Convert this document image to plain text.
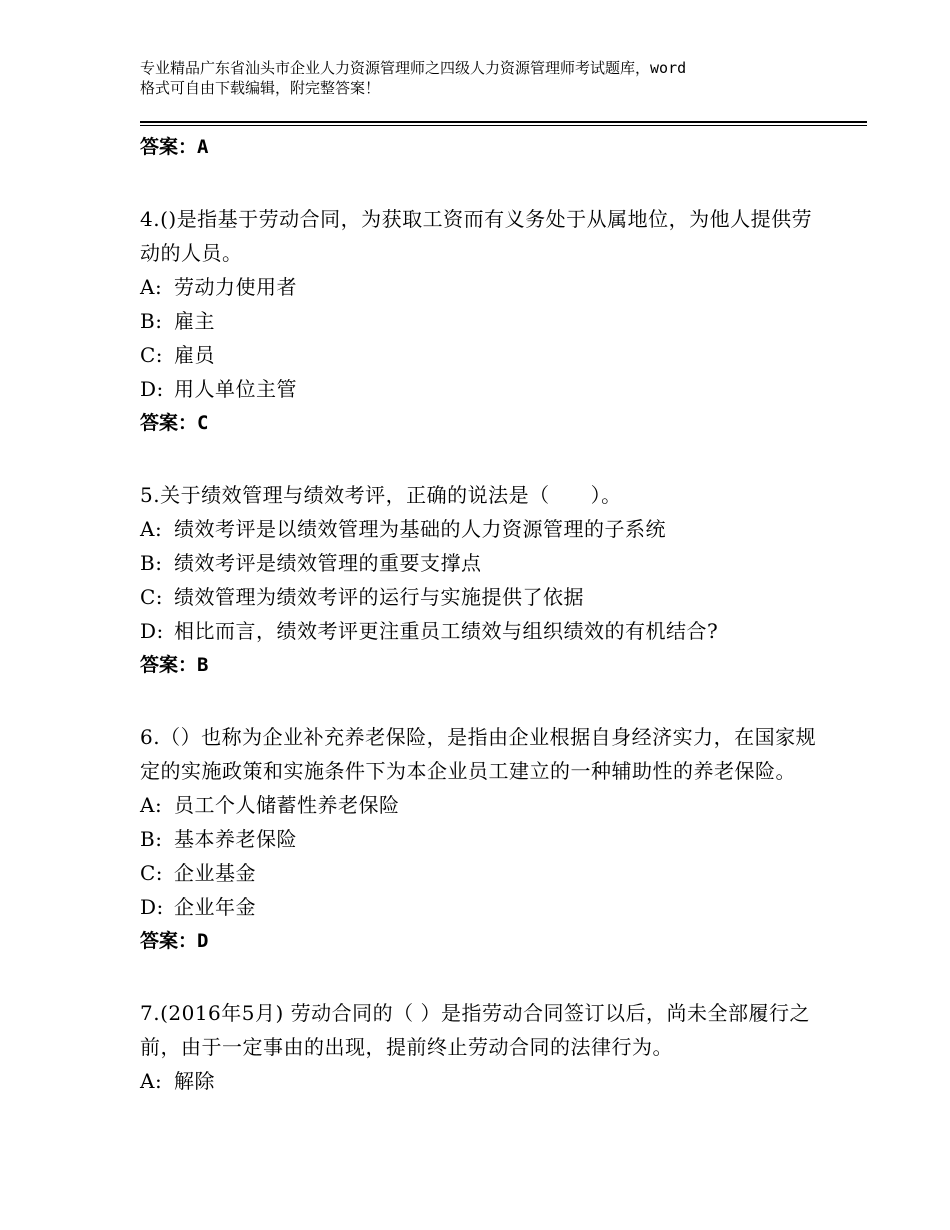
专业精品广东省汕头市企业人力资源管理师之四级人力资源管理师考试题库，word
格式可自由下载编辑，附完整答案！
答案：A
4.()是指基于劳动合同，为获取工资而有义务处于从属地位，为他人提供劳动的人员。
A: 劳动力使用者
B: 雇主
C: 雇员
D: 用人单位主管
答案：C
5.关于绩效管理与绩效考评，正确的说法是（　　）。
A: 绩效考评是以绩效管理为基础的人力资源管理的子系统
B: 绩效考评是绩效管理的重要支撑点
C: 绩效管理为绩效考评的运行与实施提供了依据
D: 相比而言，绩效考评更注重员工绩效与组织绩效的有机结合?
答案：B
6.（）也称为企业补充养老保险，是指由企业根据自身经济实力，在国家规定的实施政策和实施条件下为本企业员工建立的一种辅助性的养老保险。
A: 员工个人储蓄性养老保险
B: 基本养老保险
C: 企业基金
D: 企业年金
答案：D
7.(2016年5月) 劳动合同的（ ）是指劳动合同签订以后，尚未全部履行之前，由于一定事由的出现，提前终止劳动合同的法律行为。
A: 解除
